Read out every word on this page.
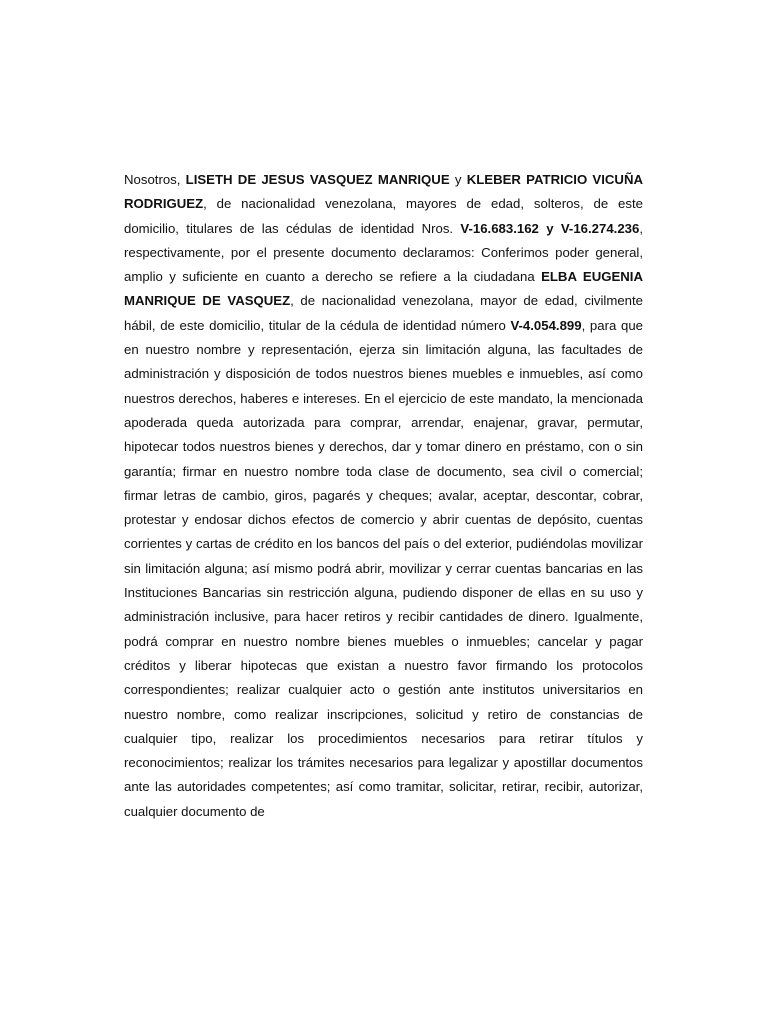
Nosotros, LISETH DE JESUS VASQUEZ MANRIQUE y KLEBER PATRICIO VICUÑA RODRIGUEZ, de nacionalidad venezolana, mayores de edad, solteros, de este domicilio, titulares de las cédulas de identidad Nros. V-16.683.162 y V-16.274.236, respectivamente, por el presente documento declaramos: Conferimos poder general, amplio y suficiente en cuanto a derecho se refiere a la ciudadana ELBA EUGENIA MANRIQUE DE VASQUEZ, de nacionalidad venezolana, mayor de edad, civilmente hábil, de este domicilio, titular de la cédula de identidad número V-4.054.899, para que en nuestro nombre y representación, ejerza sin limitación alguna, las facultades de administración y disposición de todos nuestros bienes muebles e inmuebles, así como nuestros derechos, haberes e intereses. En el ejercicio de este mandato, la mencionada apoderada queda autorizada para comprar, arrendar, enajenar, gravar, permutar, hipotecar todos nuestros bienes y derechos, dar y tomar dinero en préstamo, con o sin garantía; firmar en nuestro nombre toda clase de documento, sea civil o comercial; firmar letras de cambio, giros, pagarés y cheques; avalar, aceptar, descontar, cobrar, protestar y endosar dichos efectos de comercio y abrir cuentas de depósito, cuentas corrientes y cartas de crédito en los bancos del país o del exterior, pudiéndolas movilizar sin limitación alguna; así mismo podrá abrir, movilizar y cerrar cuentas bancarias en las Instituciones Bancarias sin restricción alguna, pudiendo disponer de ellas en su uso y administración inclusive, para hacer retiros y recibir cantidades de dinero. Igualmente, podrá comprar en nuestro nombre bienes muebles o inmuebles; cancelar y pagar créditos y liberar hipotecas que existan a nuestro favor firmando los protocolos correspondientes; realizar cualquier acto o gestión ante institutos universitarios en nuestro nombre, como realizar inscripciones, solicitud y retiro de constancias de cualquier tipo, realizar los procedimientos necesarios para retirar títulos y reconocimientos; realizar los trámites necesarios para legalizar y apostillar documentos ante las autoridades competentes; así como tramitar, solicitar, retirar, recibir, autorizar, cualquier documento de
